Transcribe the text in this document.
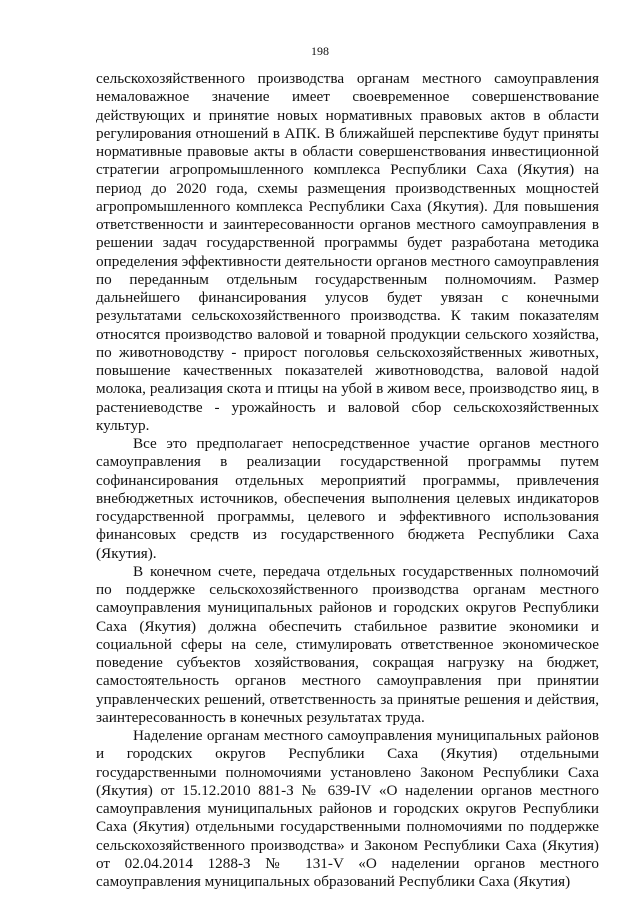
198

сельскохозяйственного производства органам местного самоуправления немаловажное значение имеет своевременное совершенствование действующих и принятие новых нормативных правовых актов в области регулирования отношений в АПК. В ближайшей перспективе будут приняты нормативные правовые акты в области совершенствования инвестиционной стратегии агропромышленного комплекса Республики Саха (Якутия) на период до 2020 года, схемы размещения производственных мощностей агропромышленного комплекса Республики Саха (Якутия). Для повышения ответственности и заинтересованности органов местного самоуправления в решении задач государственной программы будет разработана методика определения эффективности деятельности органов местного самоуправления по переданным отдельным государственным полномочиям. Размер дальнейшего финансирования улусов будет увязан с конечными результатами сельскохозяйственного производства. К таким показателям относятся производство валовой и товарной продукции сельского хозяйства, по животноводству - прирост поголовья сельскохозяйственных животных, повышение качественных показателей животноводства, валовой надой молока, реализация скота и птицы на убой в живом весе, производство яиц, в растениеводстве - урожайность и валовой сбор сельскохозяйственных культур.

Все это предполагает непосредственное участие органов местного самоуправления в реализации государственной программы путем софинансирования отдельных мероприятий программы, привлечения внебюджетных источников, обеспечения выполнения целевых индикаторов государственной программы, целевого и эффективного использования финансовых средств из государственного бюджета Республики Саха (Якутия).

В конечном счете, передача отдельных государственных полномочий по поддержке сельскохозяйственного производства органам местного самоуправления муниципальных районов и городских округов Республики Саха (Якутия) должна обеспечить стабильное развитие экономики и социальной сферы на селе, стимулировать ответственное экономическое поведение субъектов хозяйствования, сокращая нагрузку на бюджет, самостоятельность органов местного самоуправления при принятии управленческих решений, ответственность за принятые решения и действия, заинтересованность в конечных результатах труда.

Наделение органам местного самоуправления муниципальных районов и городских округов Республики Саха (Якутия) отдельными государственными полномочиями установлено Законом Республики Саха (Якутия) от 15.12.2010 881-З № 639-IV «О наделении органов местного самоуправления муниципальных районов и городских округов Республики Саха (Якутия) отдельными государственными полномочиями по поддержке сельскохозяйственного производства» и Законом Республики Саха (Якутия) от 02.04.2014 1288-З № 131-V «О наделении органов местного самоуправления муниципальных образований Республики Саха (Якутия)
